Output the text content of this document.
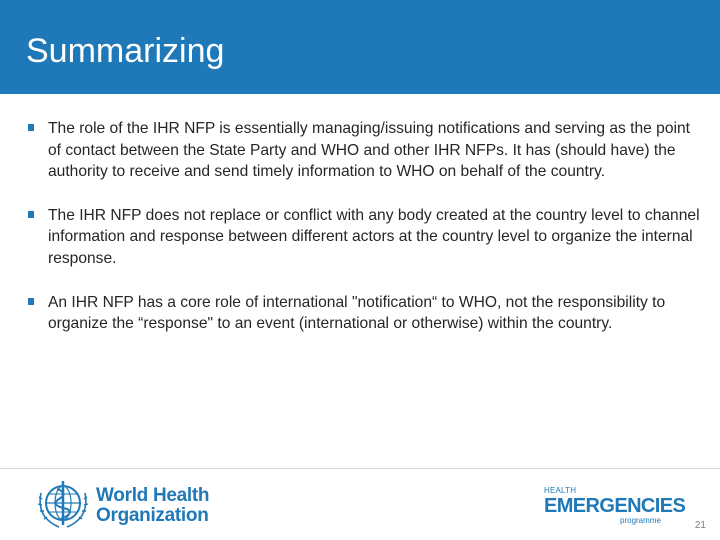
Summarizing
The role of the IHR NFP is essentially managing/issuing notifications and serving as the point of contact between the State Party and WHO and other IHR NFPs. It has (should have) the authority to receive and send timely information to WHO on behalf of the country.
The IHR NFP does not replace or conflict with any body created at the country level to channel information and response between different actors at the country level to organize the internal response.
An IHR NFP has a core role of international "notification“ to WHO, not the responsibility to organize the “response" to an event (international or otherwise) within the country.
World Health
Organization
HEALTH
EMERGENCIES
programme	21
